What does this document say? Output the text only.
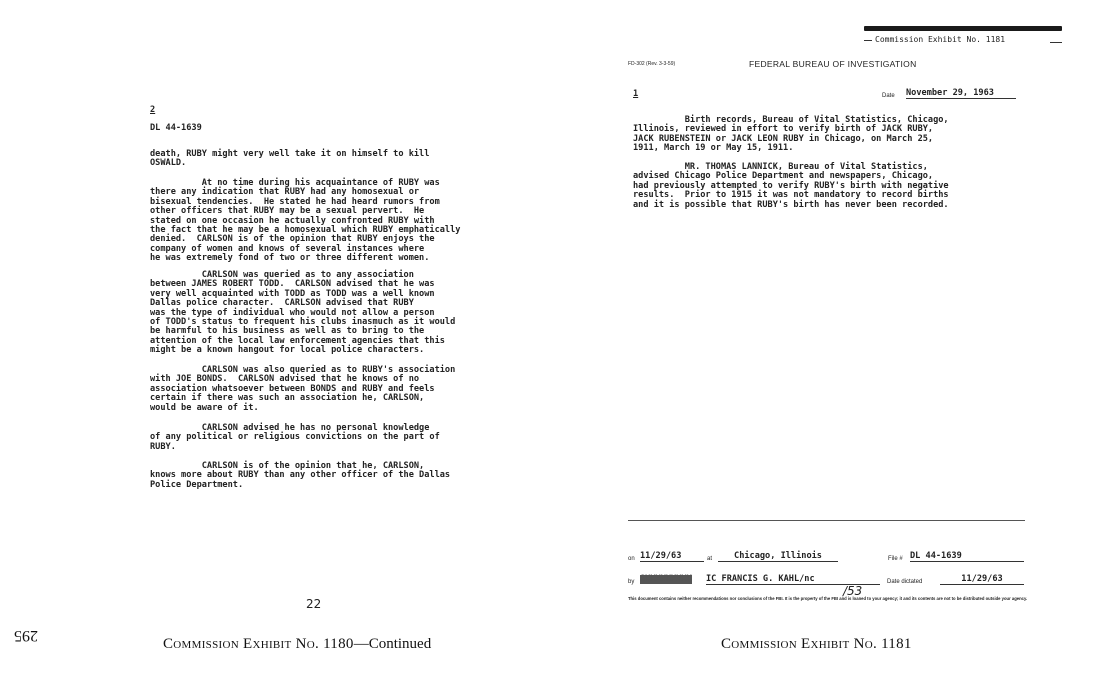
2
DL 44-1639
death, RUBY might very well take it on himself to kill
OSWALD.
At no time during his acquaintance of RUBY was
there any indication that RUBY had any homosexual or
bisexual tendencies.  He stated he had heard rumors from
other officers that RUBY may be a sexual pervert.  He
stated on one occasion he actually confronted RUBY with
the fact that he may be a homosexual which RUBY emphatically
denied.  CARLSON is of the opinion that RUBY enjoys the
company of women and knows of several instances where
he was extremely fond of two or three different women.
CARLSON was queried as to any association
between JAMES ROBERT TODD.  CARLSON advised that he was
very well acquainted with TODD as TODD was a well known
Dallas police character.  CARLSON advised that RUBY
was the type of individual who would not allow a person
of TODD's status to frequent his clubs inasmuch as it would
be harmful to his business as well as to bring to the
attention of the local law enforcement agencies that this
might be a known hangout for local police characters.
CARLSON was also queried as to RUBY's association
with JOE BONDS.  CARLSON advised that he knows of no
association whatsoever between BONDS and RUBY and feels
certain if there was such an association he, CARLSON,
would be aware of it.
CARLSON advised he has no personal knowledge
of any political or religious convictions on the part of
RUBY.
CARLSON is of the opinion that he, CARLSON,
knows more about RUBY than any other officer of the Dallas
Police Department.
22
Commission Exhibit No. 1180—Continued
295
Commission Exhibit No. 1181
FD-302 (Rev. 3-3-59)	FEDERAL BUREAU OF INVESTIGATION
1	Date November 29, 1963
Birth records, Bureau of Vital Statistics, Chicago,
Illinois, reviewed in effort to verify birth of JACK RUBY,
JACK RUBENSTEIN or JACK LEON RUBY in Chicago, on March 25,
1911, March 19 or May 15, 1911.
MR. THOMAS LANNICK, Bureau of Vital Statistics,
advised Chicago Police Department and newspapers, Chicago,
had previously attempted to verify RUBY's birth with negative
results.  Prior to 1915 it was not mandatory to record births
and it is possible that RUBY's birth has never been recorded.
on 11/29/63	at	Chicago, Illinois	File # DL 44-1639
by SXXXXXXXXX IC FRANCIS G. KAHL/nc	Date dictated	11/29/63
/53
This document contains neither recommendations nor conclusions of the FBI. It is the property of the FBI and is loaned to your agency; it and its contents are not to be distributed outside your agency.
Commission Exhibit No. 1181
